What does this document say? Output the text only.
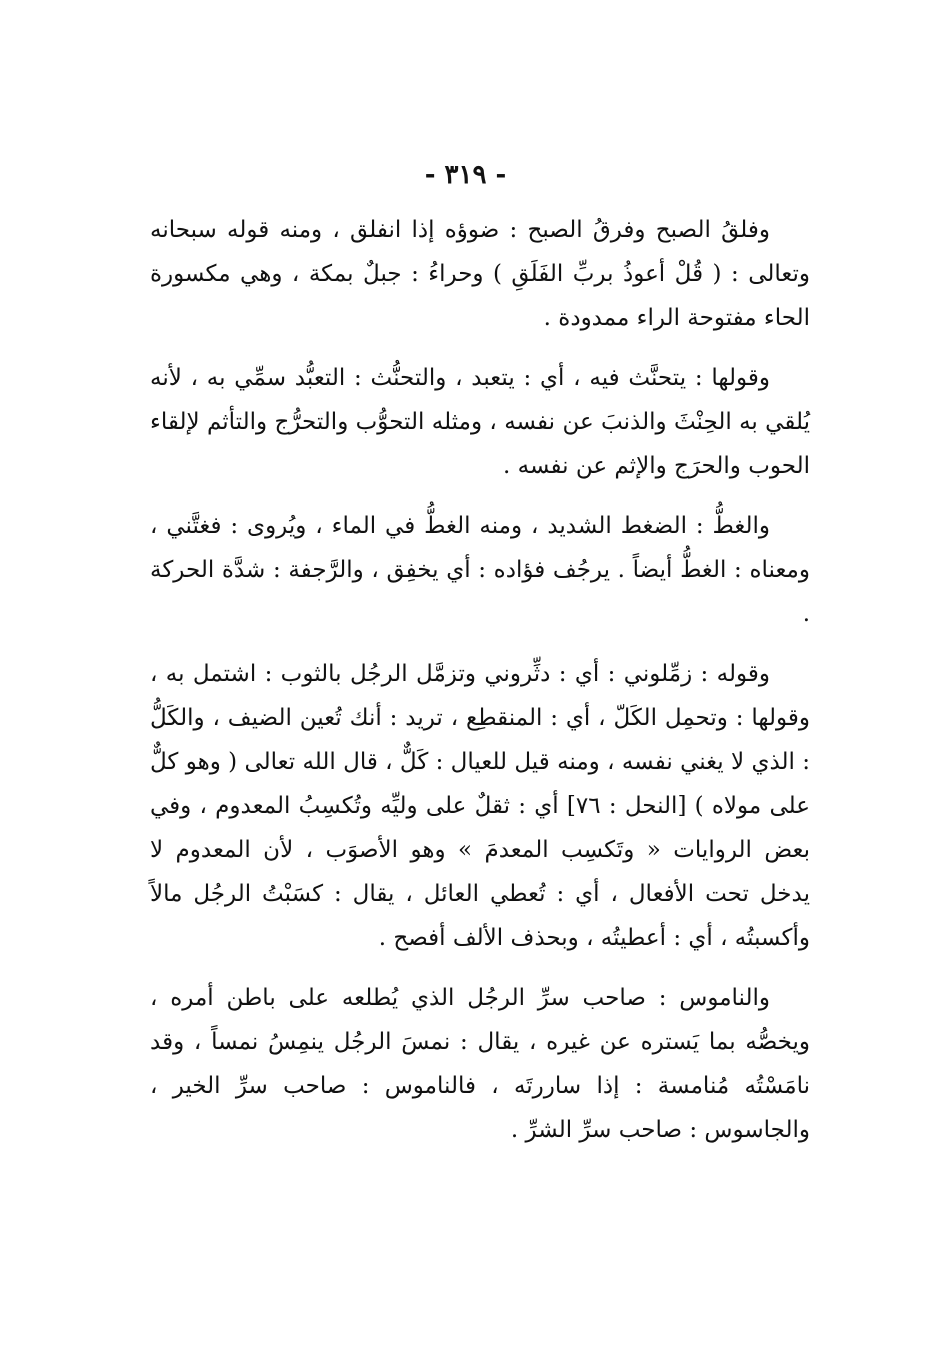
- ٣١٩ -

وفلقُ الصبح وفرقُ الصبح : ضوؤه إذا انفلق ، ومنه قوله سبحانه وتعالى : ( قُلْ أعوذُ بربِّ الفَلَقِ ) وحراءُ : جبلٌ بمكة ، وهي مكسورة الحاء مفتوحة الراء ممدودة .

وقولها : يتحنَّث فيه ، أي : يتعبد ، والتحنُّث : التعبُّد سمِّي به ، لأنه يُلقي به الحِنْثَ والذنبَ عن نفسه ، ومثله التحوُّب والتحرُّج والتأثم لإلقاء الحوب والحرَج والإثم عن نفسه .

والغطُّ : الضغط الشديد ، ومنه الغطُّ في الماء ، ويُروى : فغتَّني ، ومعناه : الغطُّ أيضاً . يرجُف فؤاده : أي يخفِق ، والرَّجفة : شدَّة الحركة .

وقوله : زمِّلوني : أي : دثِّروني وتزمَّل الرجُل بالثوب : اشتمل به ، وقولها : وتحمِل الكَلّ ، أي : المنقطِع ، تريد : أنك تُعين الضيف ، والكَلُّ : الذي لا يغني نفسه ، ومنه قيل للعيال : كَلٌّ ، قال الله تعالى ( وهو كلٌّ على مولاه ) [النحل : ٧٦] أي : ثقلٌ على وليِّه وتُكسِبُ المعدوم ، وفي بعض الروايات « وتَكسِب المعدمَ » وهو الأصوَب ، لأن المعدوم لا يدخل تحت الأفعال ، أي : تُعطي العائل ، يقال : كسَبْتُ الرجُل مالاً وأكسبتُه ، أي : أعطيتُه ، وبحذف الألف أفصح .

والناموس : صاحب سرِّ الرجُل الذي يُطلعه على باطن أمره ، ويخصُّه بما يَستره عن غيره ، يقال : نمسَ الرجُل ينمِسُ نمساً ، وقد نامَسْتُه مُنامسة : إذا ساررتَه ، فالناموس : صاحب سرِّ الخير ، والجاسوس : صاحب سرِّ الشرِّ .
